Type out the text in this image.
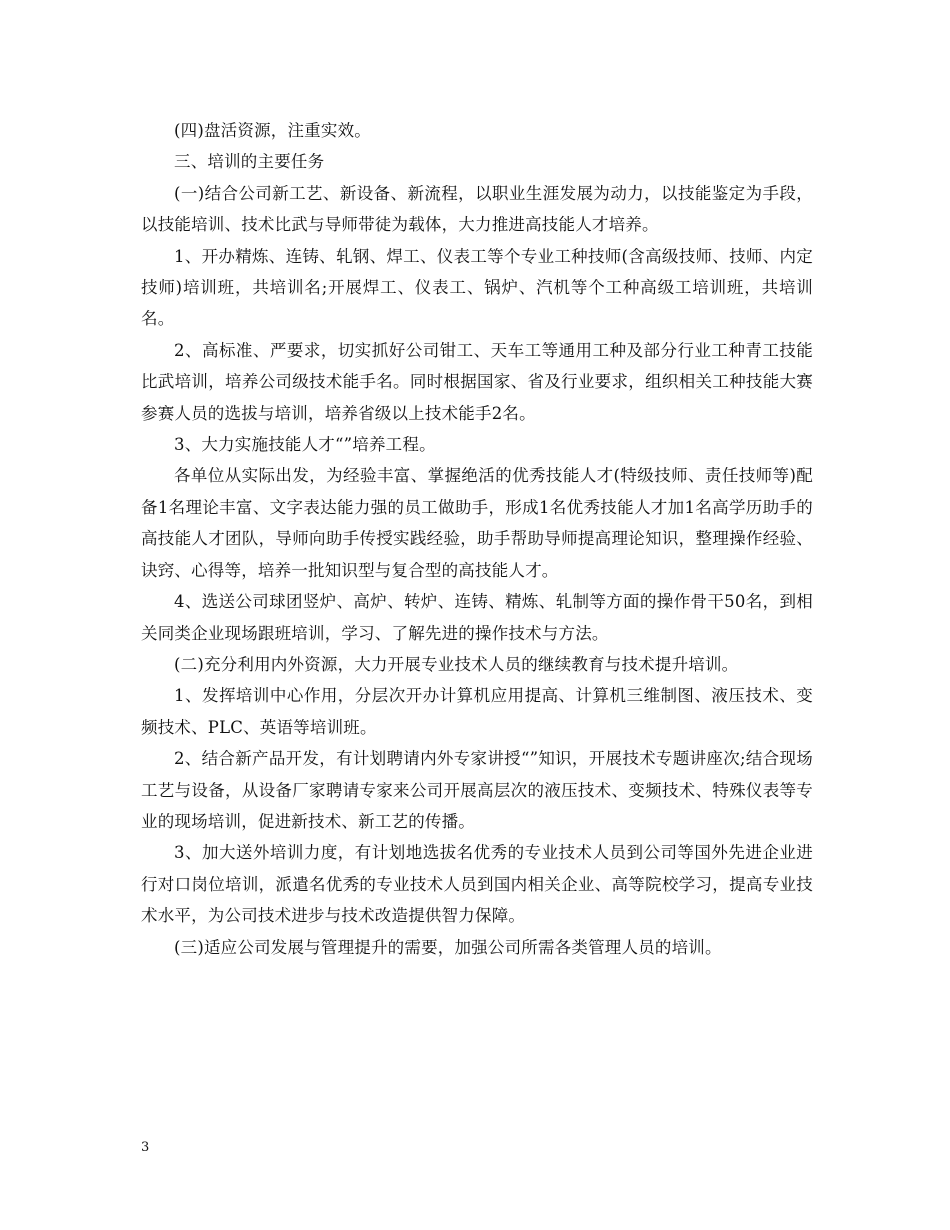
(四)盘活资源，注重实效。

三、培训的主要任务

(一)结合公司新工艺、新设备、新流程，以职业生涯发展为动力，以技能鉴定为手段，以技能培训、技术比武与导师带徒为载体，大力推进高技能人才培养。

1、开办精炼、连铸、轧钢、焊工、仪表工等个专业工种技师(含高级技师、技师、内定技师)培训班，共培训名;开展焊工、仪表工、锅炉、汽机等个工种高级工培训班，共培训名。

2、高标准、严要求，切实抓好公司钳工、天车工等通用工种及部分行业工种青工技能比武培训，培养公司级技术能手名。同时根据国家、省及行业要求，组织相关工种技能大赛参赛人员的选拔与培训，培养省级以上技术能手2名。

3、大力实施技能人才“”培养工程。

各单位从实际出发，为经验丰富、掌握绝活的优秀技能人才(特级技师、责任技师等)配备1名理论丰富、文字表达能力强的员工做助手，形成1名优秀技能人才加1名高学历助手的高技能人才团队，导师向助手传授实践经验，助手帮助导师提高理论知识，整理操作经验、诀窍、心得等，培养一批知识型与复合型的高技能人才。

4、选送公司球团竖炉、高炉、转炉、连铸、精炼、轧制等方面的操作骨干50名，到相关同类企业现场跟班培训，学习、了解先进的操作技术与方法。

(二)充分利用内外资源，大力开展专业技术人员的继续教育与技术提升培训。

1、发挥培训中心作用，分层次开办计算机应用提高、计算机三维制图、液压技术、变频技术、PLC、英语等培训班。

2、结合新产品开发，有计划聘请内外专家讲授“”知识，开展技术专题讲座次;结合现场工艺与设备，从设备厂家聘请专家来公司开展高层次的液压技术、变频技术、特殊仪表等专业的现场培训，促进新技术、新工艺的传播。

3、加大送外培训力度，有计划地选拔名优秀的专业技术人员到公司等国外先进企业进行对口岗位培训，派遣名优秀的专业技术人员到国内相关企业、高等院校学习，提高专业技术水平，为公司技术进步与技术改造提供智力保障。

(三)适应公司发展与管理提升的需要，加强公司所需各类管理人员的培训。

3
